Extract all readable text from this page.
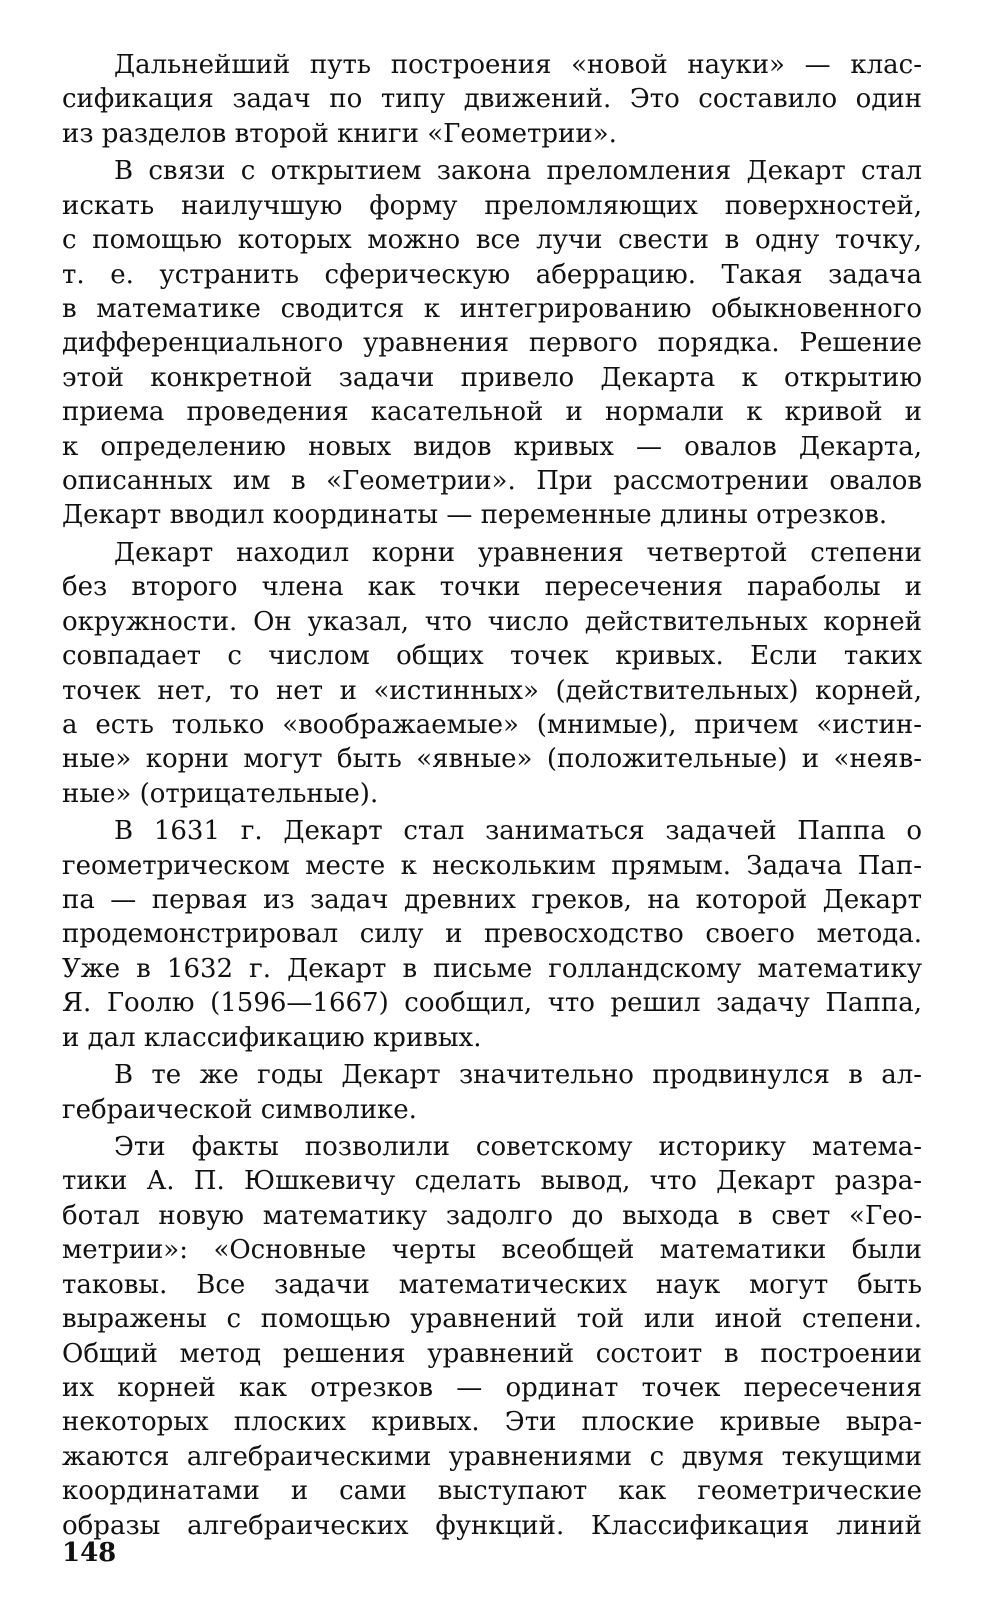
Дальнейший путь построения «новой науки» — клас-
сификация задач по типу движений. Это составило один
из разделов второй книги «Геометрии».
В связи с открытием закона преломления Декарт стал
искать наилучшую форму преломляющих поверхностей,
с помощью которых можно все лучи свести в одну точку,
т. е. устранить сферическую аберрацию. Такая задача
в математике сводится к интегрированию обыкновенного
дифференциального уравнения первого порядка. Решение
этой конкретной задачи привело Декарта к открытию
приема проведения касательной и нормали к кривой и
к определению новых видов кривых — овалов Декарта,
описанных им в «Геометрии». При рассмотрении овалов
Декарт вводил координаты — переменные длины отрезков.
Декарт находил корни уравнения четвертой степени
без второго члена как точки пересечения параболы и
окружности. Он указал, что число действительных корней
совпадает с числом общих точек кривых. Если таких
точек нет, то нет и «истинных» (действительных) корней,
а есть только «воображаемые» (мнимые), причем «истин-
ные» корни могут быть «явные» (положительные) и «неяв-
ные» (отрицательные).
В 1631 г. Декарт стал заниматься задачей Паппа о
геометрическом месте к нескольким прямым. Задача Пап-
па — первая из задач древних греков, на которой Декарт
продемонстрировал силу и превосходство своего метода.
Уже в 1632 г. Декарт в письме голландскому математику
Я. Гоолю (1596—1667) сообщил, что решил задачу Паппа,
и дал классификацию кривых.
В те же годы Декарт значительно продвинулся в ал-
гебраической символике.
Эти факты позволили советскому историку матема-
тики А. П. Юшкевичу сделать вывод, что Декарт разра-
ботал новую математику задолго до выхода в свет «Гео-
метрии»: «Основные черты всеобщей математики были
таковы. Все задачи математических наук могут быть
выражены с помощью уравнений той или иной степени.
Общий метод решения уравнений состоит в построении
их корней как отрезков — ординат точек пересечения
некоторых плоских кривых. Эти плоские кривые выра-
жаются алгебраическими уравнениями с двумя текущими
координатами и сами выступают как геометрические
образы алгебраических функций. Классификация линий
148
